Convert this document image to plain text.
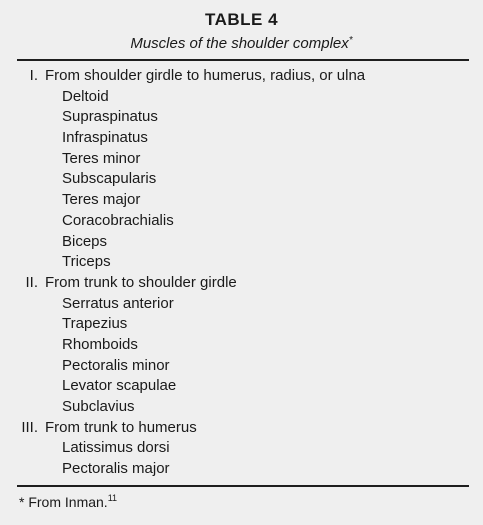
TABLE 4
Muscles of the shoulder complex*
I. From shoulder girdle to humerus, radius, or ulna
Deltoid
Supraspinatus
Infraspinatus
Teres minor
Subscapularis
Teres major
Coracobrachialis
Biceps
Triceps
II. From trunk to shoulder girdle
Serratus anterior
Trapezius
Rhomboids
Pectoralis minor
Levator scapulae
Subclavius
III. From trunk to humerus
Latissimus dorsi
Pectoralis major
* From Inman.$^{11}$
